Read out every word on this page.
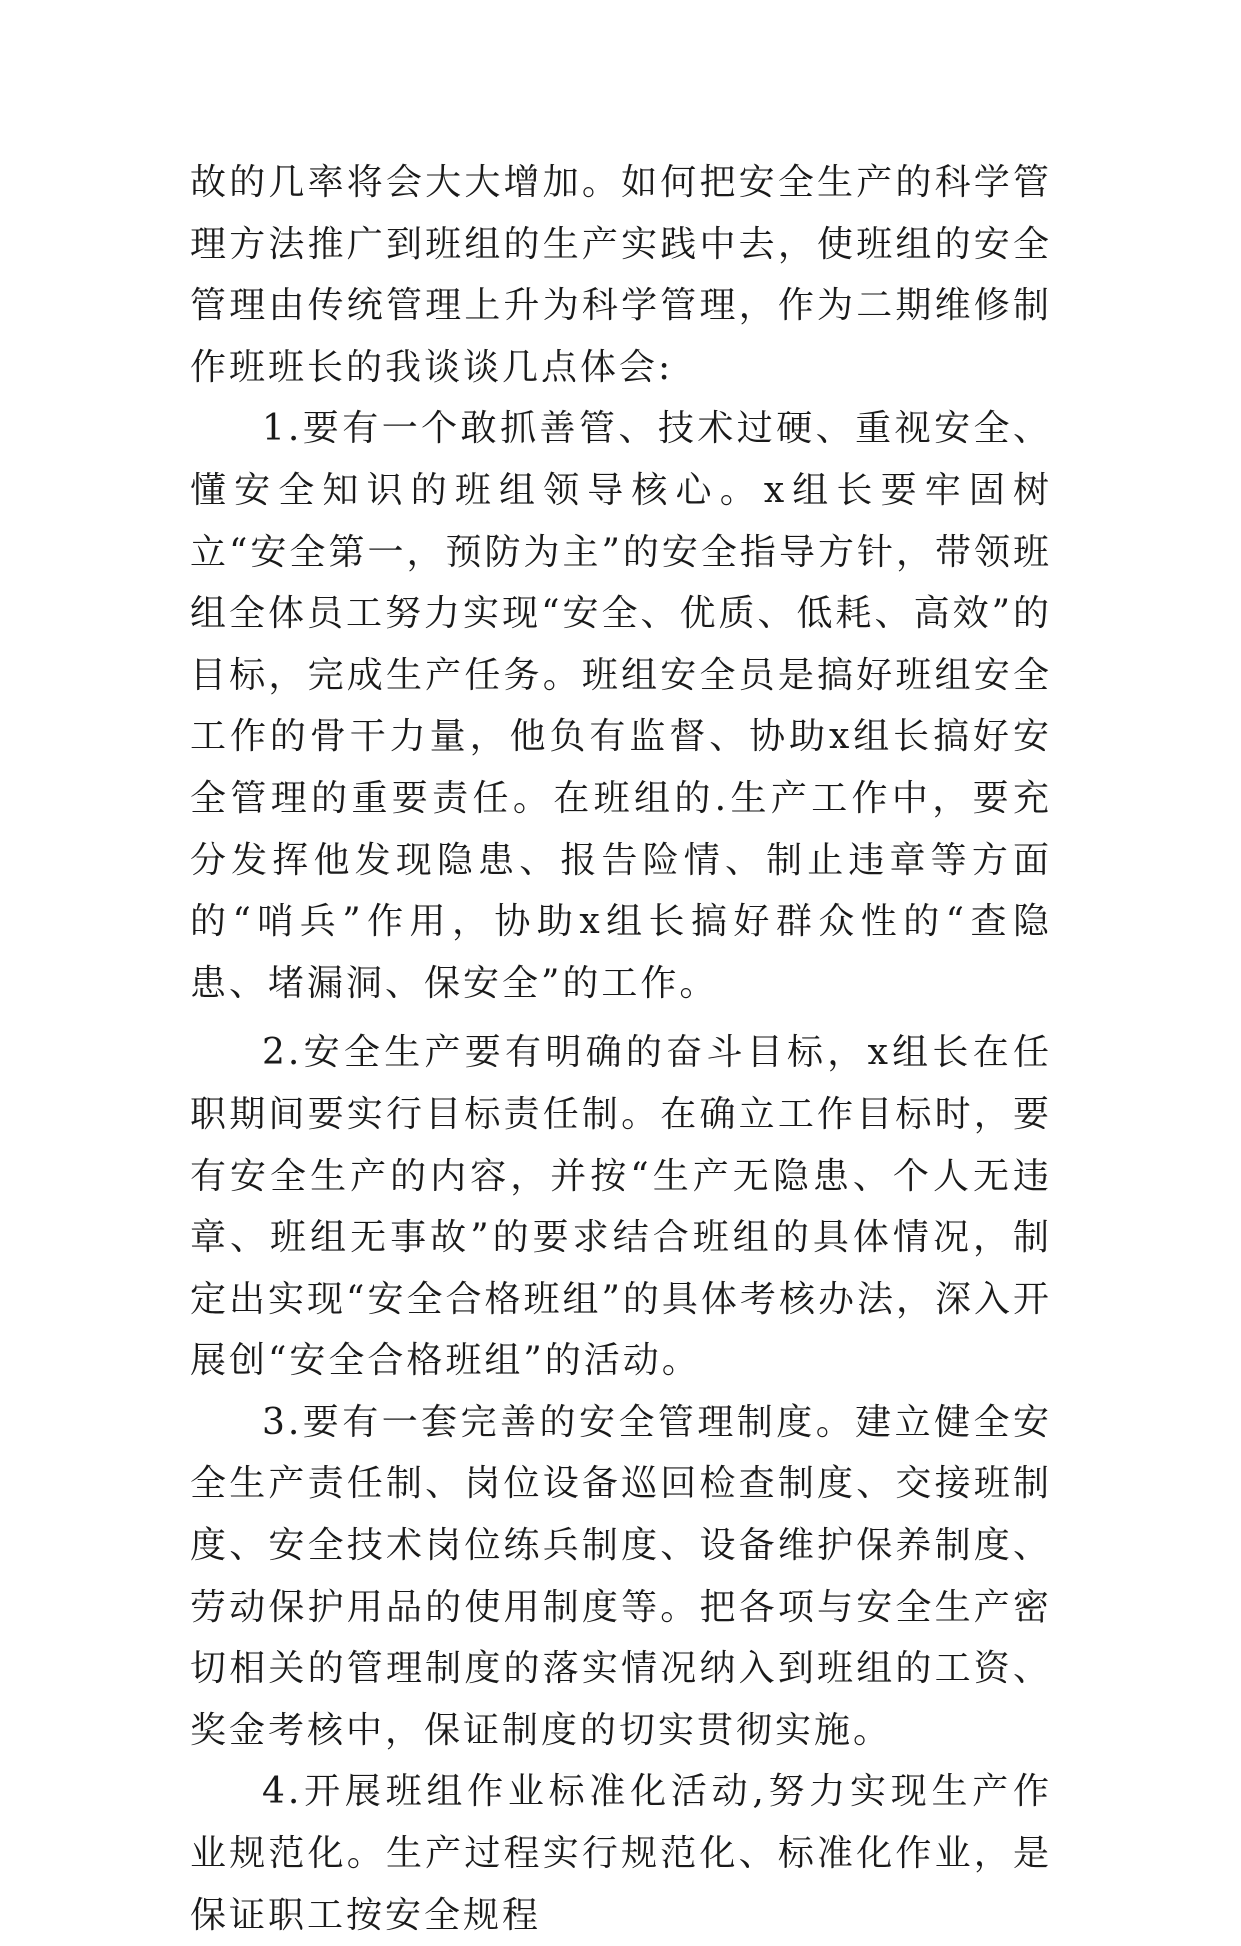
故的几率将会大大增加。如何把安全生产的科学管理方法推广到班组的生产实践中去，使班组的安全管理由传统管理上升为科学管理，作为二期维修制作班班长的我谈谈几点体会:

1.要有一个敢抓善管、技术过硬、重视安全、懂安全知识的班组领导核心。x组长要牢固树立“安全第一，预防为主”的安全指导方针，带领班组全体员工努力实现“安全、优质、低耗、高效”的目标，完成生产任务。班组安全员是搞好班组安全工作的骨干力量，他负有监督、协助x组长搞好安全管理的重要责任。在班组的.生产工作中，要充分发挥他发现隐患、报告险情、制止违章等方面的“哨兵”作用，协助x组长搞好群众性的“查隐患、堵漏洞、保安全”的工作。

2.安全生产要有明确的奋斗目标，x组长在任职期间要实行目标责任制。在确立工作目标时，要有安全生产的内容，并按“生产无隐患、个人无违章、班组无事故”的要求结合班组的具体情况，制定出实现“安全合格班组”的具体考核办法，深入开展创“安全合格班组”的活动。

3.要有一套完善的安全管理制度。建立健全安全生产责任制、岗位设备巡回检查制度、交接班制度、安全技术岗位练兵制度、设备维护保养制度、劳动保护用品的使用制度等。把各项与安全生产密切相关的管理制度的落实情况纳入到班组的工资、奖金考核中，保证制度的切实贯彻实施。

4.开展班组作业标准化活动,努力实现生产作业规范化。生产过程实行规范化、标准化作业，是保证职工按安全规程
